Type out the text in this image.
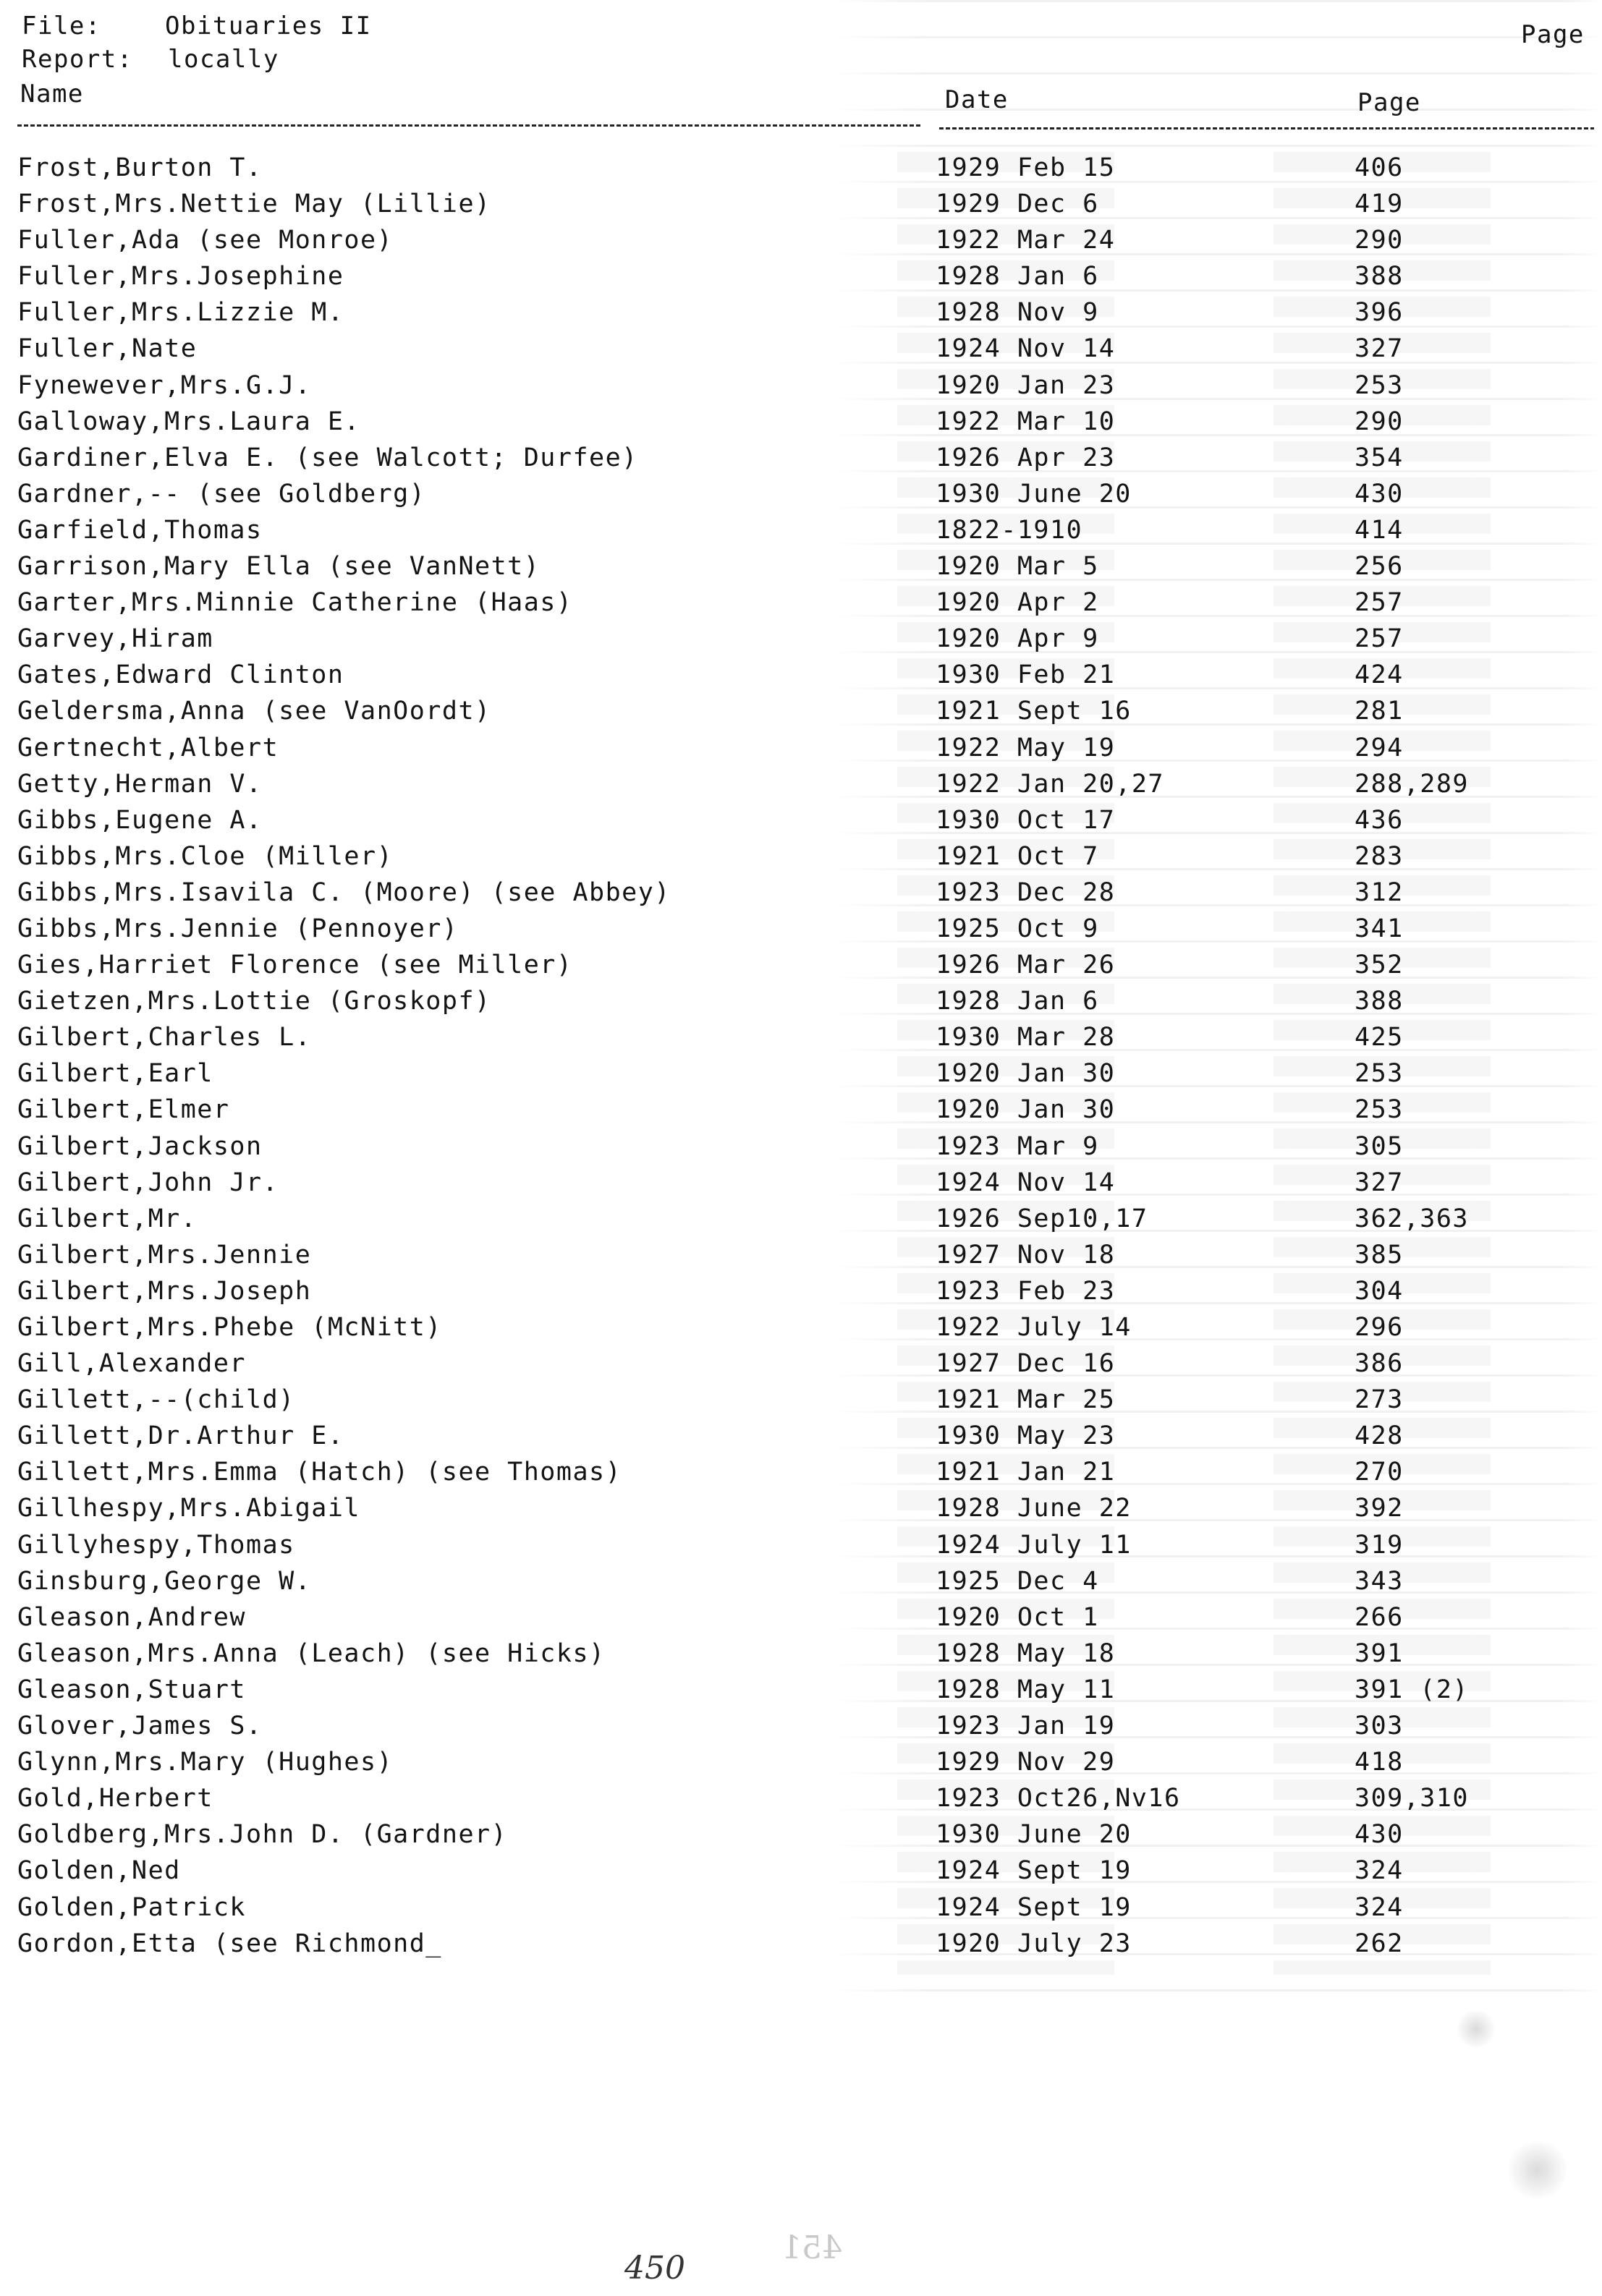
File:	Obituaries II
Report: locally
Page
Name	Date	Page
Frost,Burton T.	1929 Feb 15	406
Frost,Mrs.Nettie May (Lillie)	1929 Dec 6	419
Fuller,Ada (see Monroe)	1922 Mar 24	290
Fuller,Mrs.Josephine	1928 Jan 6	388
Fuller,Mrs.Lizzie M.	1928 Nov 9	396
Fuller,Nate	1924 Nov 14	327
Fynewever,Mrs.G.J.	1920 Jan 23	253
Galloway,Mrs.Laura E.	1922 Mar 10	290
Gardiner,Elva E. (see Walcott; Durfee)	1926 Apr 23	354
Gardner,-- (see Goldberg)	1930 June 20	430
Garfield,Thomas	1822-1910	414
Garrison,Mary Ella (see VanNett)	1920 Mar 5	256
Garter,Mrs.Minnie Catherine (Haas)	1920 Apr 2	257
Garvey,Hiram	1920 Apr 9	257
Gates,Edward Clinton	1930 Feb 21	424
Geldersma,Anna (see VanOordt)	1921 Sept 16	281
Gertnecht,Albert	1922 May 19	294
Getty,Herman V.	1922 Jan 20,27	288,289
Gibbs,Eugene A.	1930 Oct 17	436
Gibbs,Mrs.Cloe (Miller)	1921 Oct 7	283
Gibbs,Mrs.Isavila C. (Moore) (see Abbey)	1923 Dec 28	312
Gibbs,Mrs.Jennie (Pennoyer)	1925 Oct 9	341
Gies,Harriet Florence (see Miller)	1926 Mar 26	352
Gietzen,Mrs.Lottie (Groskopf)	1928 Jan 6	388
Gilbert,Charles L.	1930 Mar 28	425
Gilbert,Earl	1920 Jan 30	253
Gilbert,Elmer	1920 Jan 30	253
Gilbert,Jackson	1923 Mar 9	305
Gilbert,John Jr.	1924 Nov 14	327
Gilbert,Mr.	1926 Sep10,17	362,363
Gilbert,Mrs.Jennie	1927 Nov 18	385
Gilbert,Mrs.Joseph	1923 Feb 23	304
Gilbert,Mrs.Phebe (McNitt)	1922 July 14	296
Gill,Alexander	1927 Dec 16	386
Gillett,--(child)	1921 Mar 25	273
Gillett,Dr.Arthur E.	1930 May 23	428
Gillett,Mrs.Emma (Hatch) (see Thomas)	1921 Jan 21	270
Gillhespy,Mrs.Abigail	1928 June 22	392
Gillyhespy,Thomas	1924 July 11	319
Ginsburg,George W.	1925 Dec 4	343
Gleason,Andrew	1920 Oct 1	266
Gleason,Mrs.Anna (Leach) (see Hicks)	1928 May 18	391
Gleason,Stuart	1928 May 11	391 (2)
Glover,James S.	1923 Jan 19	303
Glynn,Mrs.Mary (Hughes)	1929 Nov 29	418
Gold,Herbert	1923 Oct26,Nv16	309,310
Goldberg,Mrs.John D. (Gardner)	1930 June 20	430
Golden,Ned	1924 Sept 19	324
Golden,Patrick	1924 Sept 19	324
Gordon,Etta (see Richmond_	1920 July 23	262
450
451
